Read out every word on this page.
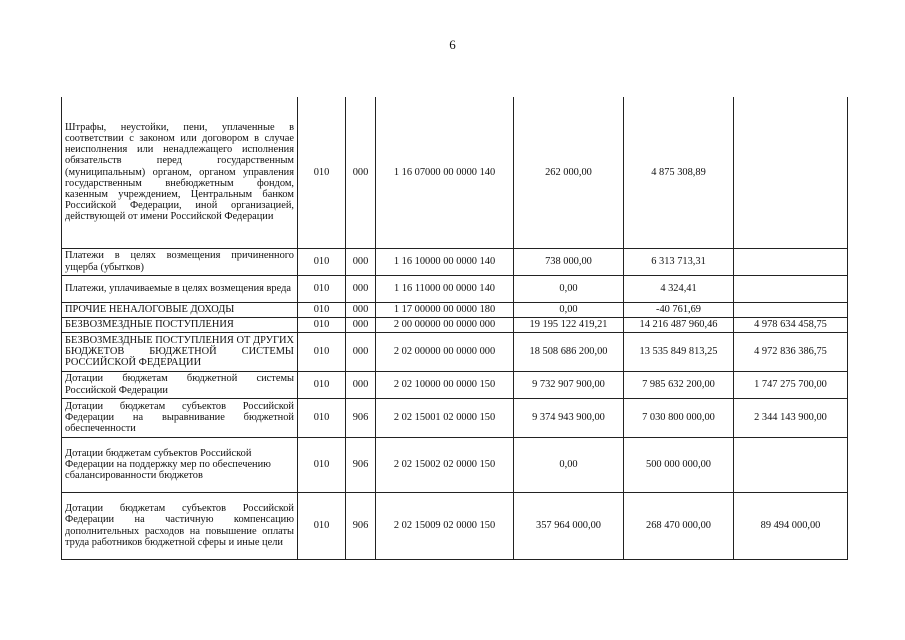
6
Штрафы, неустойки, пени, уплаченные в соответствии с законом или договором в случае неисполнения или ненадлежащего исполнения обязательств перед государственным (муниципальным) органом, органом управления государственным внебюджетным фондом, казенным учреждением, Центральным банком Российской Федерации, иной организацией, действующей от имени Российской Федерации	010	000	1 16 07000 00 0000 140	262 000,00	4 875 308,89	
Платежи в целях возмещения причиненного ущерба (убытков)	010	000	1 16 10000 00 0000 140	738 000,00	6 313 713,31	
Платежи, уплачиваемые в целях возмещения вреда	010	000	1 16 11000 00 0000 140	0,00	4 324,41	
ПРОЧИЕ НЕНАЛОГОВЫЕ ДОХОДЫ	010	000	1 17 00000 00 0000 180	0,00	-40 761,69	
БЕЗВОЗМЕЗДНЫЕ ПОСТУПЛЕНИЯ	010	000	2 00 00000 00 0000 000	19 195 122 419,21	14 216 487 960,46	4 978 634 458,75
БЕЗВОЗМЕЗДНЫЕ ПОСТУПЛЕНИЯ ОТ ДРУГИХ БЮДЖЕТОВ БЮДЖЕТНОЙ СИСТЕМЫ РОССИЙСКОЙ ФЕДЕРАЦИИ	010	000	2 02 00000 00 0000 000	18 508 686 200,00	13 535 849 813,25	4 972 836 386,75
Дотации бюджетам бюджетной системы Российской Федерации	010	000	2 02 10000 00 0000 150	9 732 907 900,00	7 985 632 200,00	1 747 275 700,00
Дотации бюджетам субъектов Российской Федерации на выравнивание бюджетной обеспеченности	010	906	2 02 15001 02 0000 150	9 374 943 900,00	7 030 800 000,00	2 344 143 900,00
Дотации бюджетам субъектов Российской Федерации на поддержку мер по обеспечению сбалансированности бюджетов	010	906	2 02 15002 02 0000 150	0,00	500 000 000,00	
Дотации бюджетам субъектов Российской Федерации на частичную компенсацию дополнительных расходов на повышение оплаты труда работников бюджетной сферы и иные цели	010	906	2 02 15009 02 0000 150	357 964 000,00	268 470 000,00	89 494 000,00
